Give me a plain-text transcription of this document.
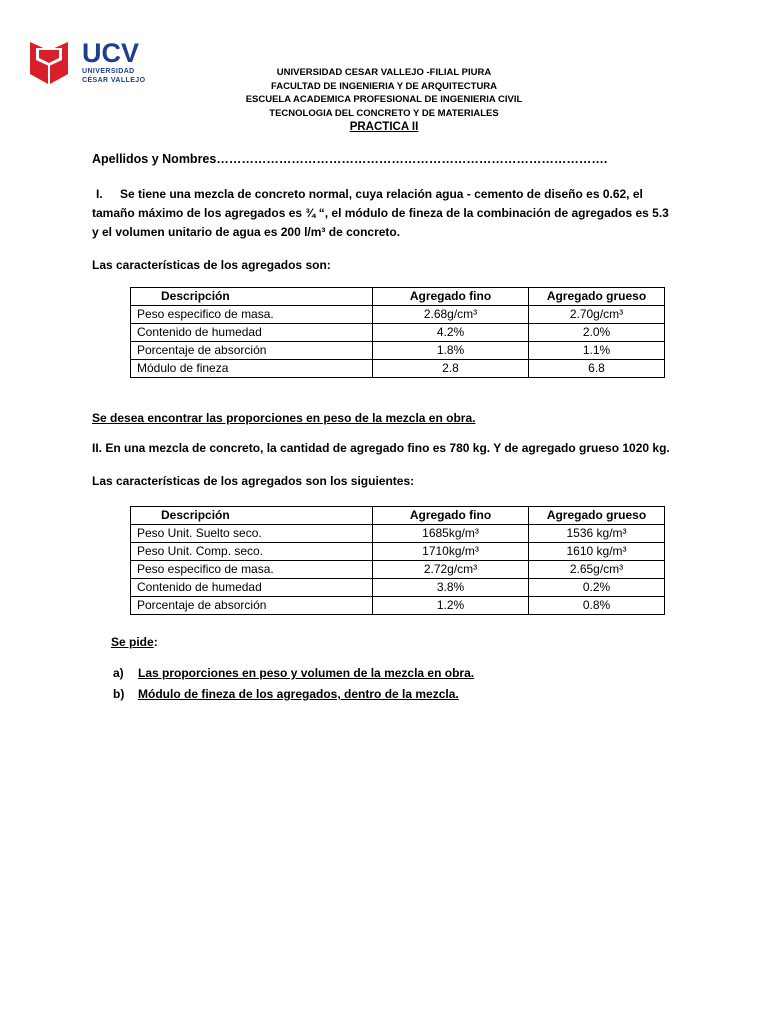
UCV
UNIVERSIDAD
CÉSAR VALLEJO
UNIVERSIDAD CESAR VALLEJO -FILIAL PIURA
FACULTAD DE INGENIERIA Y DE ARQUITECTURA
ESCUELA ACADEMICA PROFESIONAL DE INGENIERIA CIVIL
TECNOLOGIA DEL CONCRETO Y DE MATERIALES
PRACTICA II
Apellidos y Nombres………………………………………………………………………………….
I. Se tiene una mezcla de concreto normal, cuya relación agua - cemento de diseño es 0.62, el tamaño máximo de los agregados es ¾ “, el módulo de fineza de la combinación de agregados es 5.3 y el volumen unitario de agua es 200 l/m³ de concreto.
Las características de los agregados son:
Descripción	Agregado fino	Agregado grueso
Peso especifico de masa.	2.68g/cm³	2.70g/cm³
Contenido de humedad	4.2%	2.0%
Porcentaje de absorción	1.8%	1.1%
Módulo de fineza	2.8	6.8
Se desea encontrar las proporciones en peso de la mezcla en obra.
II. En una mezcla de concreto, la cantidad de agregado fino es 780 kg. Y de agregado grueso 1020 kg.
Las características de los agregados son los siguientes:
Descripción	Agregado fino	Agregado grueso
Peso Unit. Suelto seco.	1685kg/m³	1536 kg/m³
Peso Unit. Comp. seco.	1710kg/m³	1610 kg/m³
Peso especifico de masa.	2.72g/cm³	2.65g/cm³
Contenido de humedad	3.8%	0.2%
Porcentaje de absorción	1.2%	0.8%
Se pide:
a) Las proporciones en peso y volumen de la mezcla en obra.
b) Módulo de fineza de los agregados, dentro de la mezcla.
